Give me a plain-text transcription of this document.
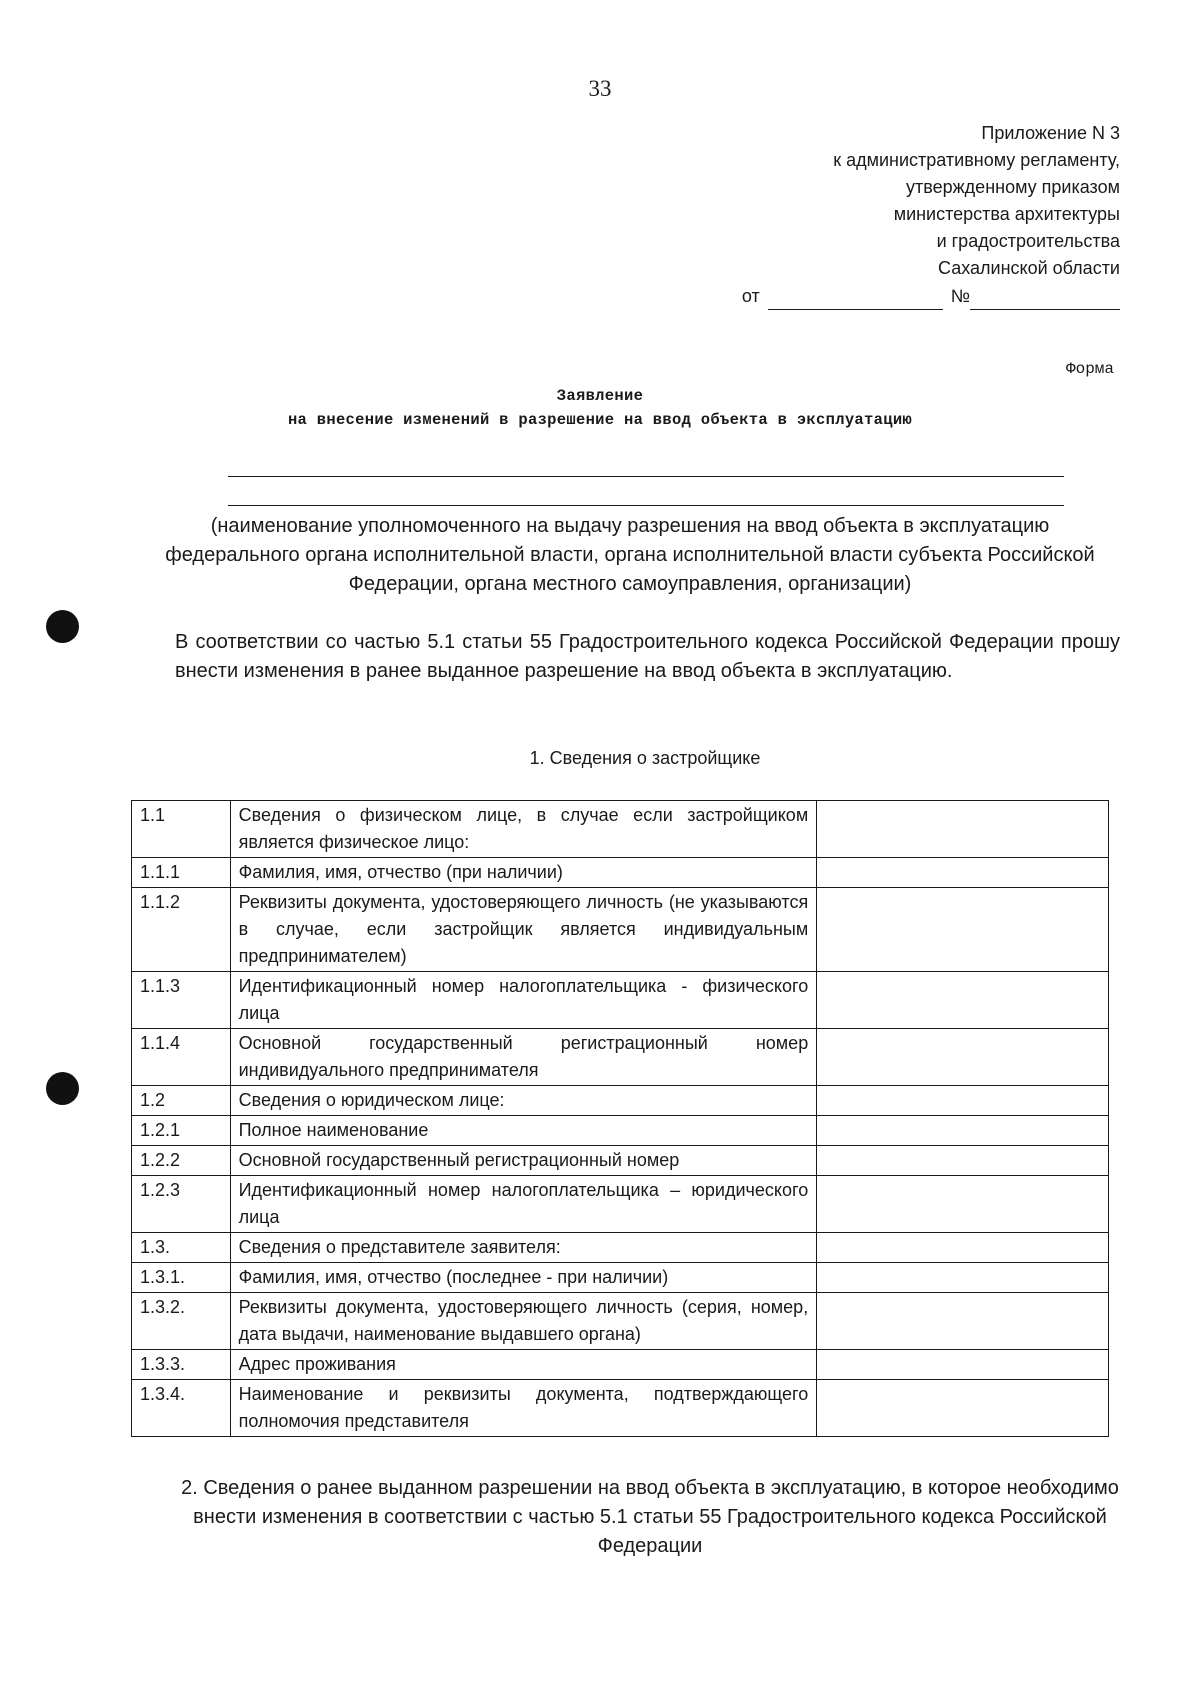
33
Приложение N 3
к административному регламенту,
утвержденному приказом
министерства архитектуры
и градостроительства
Сахалинской области
от	№
Форма
Заявление
на внесение изменений в разрешение на ввод объекта в эксплуатацию
(наименование уполномоченного на выдачу разрешения на ввод объекта в эксплуатацию федерального органа исполнительной власти, органа исполнительной власти субъекта Российской Федерации, органа местного самоуправления, организации)
В соответствии со частью 5.1 статьи 55 Градостроительного кодекса Российской Федерации прошу внести изменения в ранее выданное разрешение на ввод объекта в эксплуатацию.
1. Сведения о застройщике
1.1	Сведения о физическом лице, в случае если застройщиком является физическое лицо:	
1.1.1	Фамилия, имя, отчество (при наличии)	
1.1.2	Реквизиты документа, удостоверяющего личность (не указываются в случае, если застройщик является индивидуальным предпринимателем)	
1.1.3	Идентификационный номер налогоплательщика - физического лица	
1.1.4	Основной государственный регистрационный номер индивидуального предпринимателя	
1.2	Сведения о юридическом лице:	
1.2.1	Полное наименование	
1.2.2	Основной государственный регистрационный номер	
1.2.3	Идентификационный номер налогоплательщика – юридического лица	
1.3.	Сведения о представителе заявителя:	
1.3.1.	Фамилия, имя, отчество (последнее - при наличии)	
1.3.2.	Реквизиты документа, удостоверяющего личность (серия, номер, дата выдачи, наименование выдавшего органа)	
1.3.3.	Адрес проживания	
1.3.4.	Наименование и реквизиты документа, подтверждающего полномочия представителя	
2. Сведения о ранее выданном разрешении на ввод объекта в эксплуатацию, в которое необходимо внести изменения в соответствии с частью 5.1 статьи 55 Градостроительного кодекса Российской Федерации
